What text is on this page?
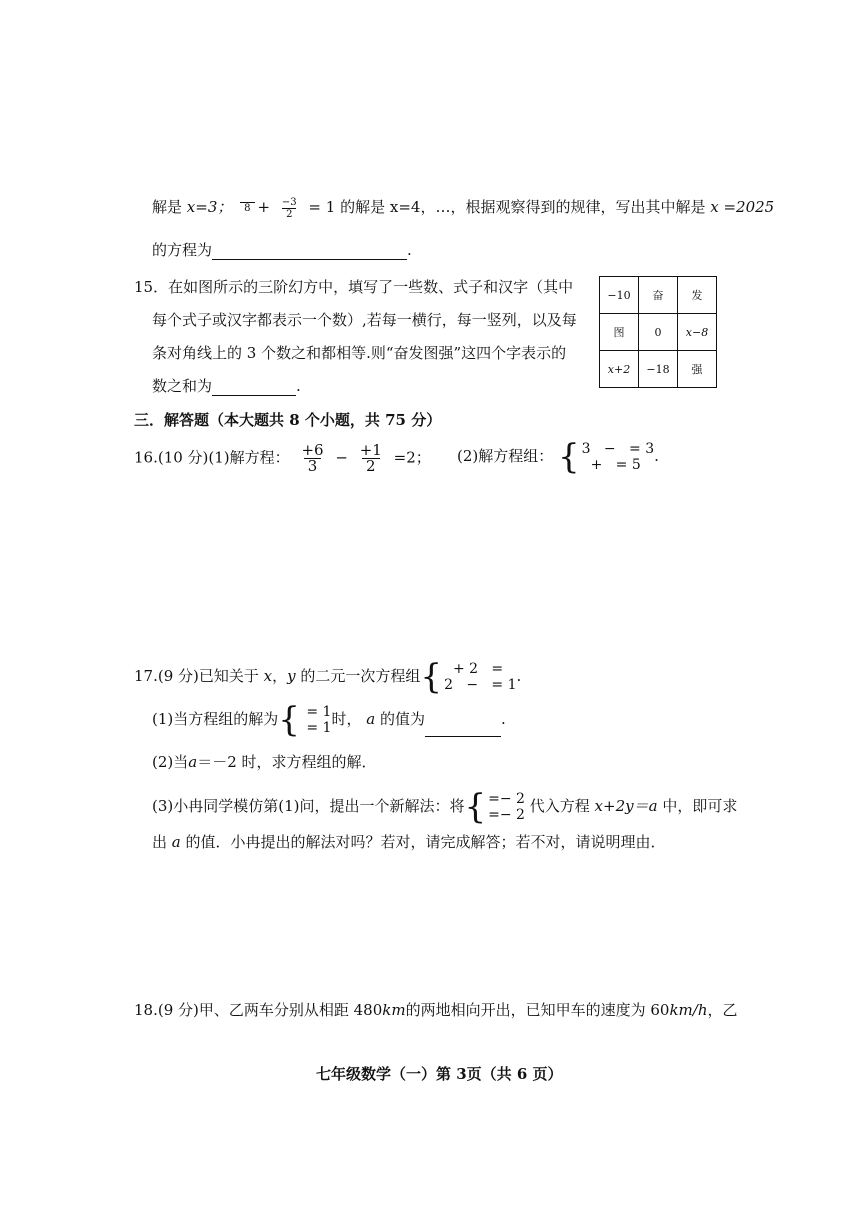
解是 x=3；	$8 + \frac{-3}{2} = 1$ 的解是 x=4，…，根据观察得到的规律，写出其中解是 x =2025
的方程为	.
15．在如图所示的三阶幻方中，填写了一些数、式子和汉字（其中
每个式子或汉字都表示一个数）,若每一横行，每一竖列，以及每
条对角线上的 3 个数之和都相等.则“奋发图强”这四个字表示的
数之和为	.
−10	奋	发
图	0	x−8
x+2	−18	强
三．解答题（本大题共 8 个小题，共 75 分）
16.(10 分)(1)解方程： $\frac{+6}{3} - \frac{+1}{2} =2$； (2)解方程组： { 3   −   = 3
+   = 5 .
17.(9 分)已知关于 x，y 的二元一次方程组 { + 2   =
2   −   = 1 .
(1)当方程组的解为 { = 1
= 1 时， a 的值为	.
(2)当a＝－2 时，求方程组的解．
(3)小冉同学模仿第(1)问，提出一个新解法：将 { =− 2
=− 2 代入方程 x+2y＝a 中，即可求
出 a 的值．小冉提出的解法对吗？若对，请完成解答；若不对，请说明理由．
18.(9 分)甲、乙两车分别从相距 480km的两地相向开出，已知甲车的速度为 60km/h，乙
七年级数学（一）第 3页（共 6 页）
